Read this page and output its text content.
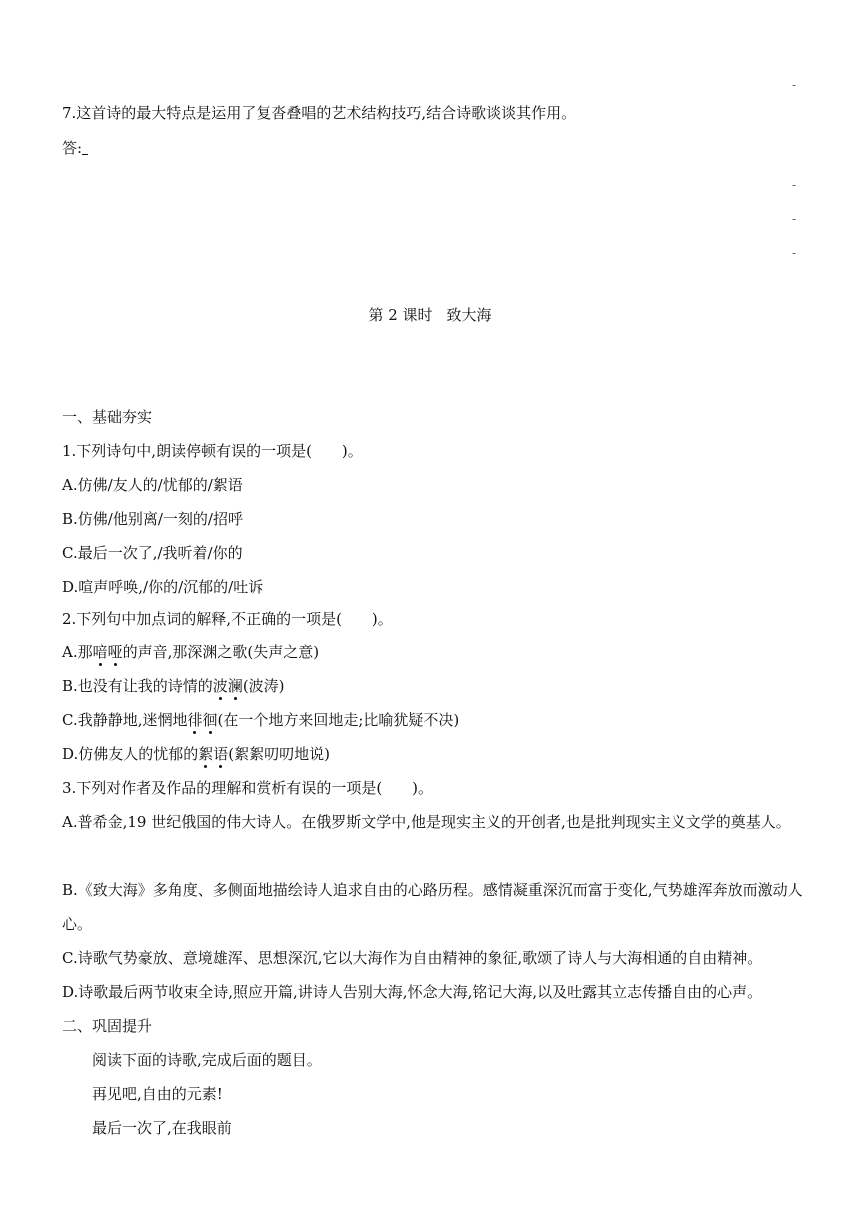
-
7.这首诗的最大特点是运用了复沓叠唱的艺术结构技巧,结合诗歌谈谈其作用。
答:
-
-
-
第 2 课时 致大海
一、基础夯实
1.下列诗句中,朗读停顿有误的一项是(　　)。
A.仿佛/友人的/忧郁的/絮语
B.仿佛/他别离/一刻的/招呼
C.最后一次了,/我听着/你的
D.喧声呼唤,/你的/沉郁的/吐诉
2.下列句中加点词的解释,不正确的一项是(　　)。
A.那喑哑的声音,那深渊之歌(失声之意)
B.也没有让我的诗情的波澜(波涛)
C.我静静地,迷惘地徘徊(在一个地方来回地走;比喻犹疑不决)
D.仿佛友人的忧郁的絮语(絮絮叨叨地说)
3.下列对作者及作品的理解和赏析有误的一项是(　　)。
A.普希金,19 世纪俄国的伟大诗人。在俄罗斯文学中,他是现实主义的开创者,也是批判现实主义文学的奠基人。
B.《致大海》多角度、多侧面地描绘诗人追求自由的心路历程。感情凝重深沉而富于变化,气势雄浑奔放而激动人心。
C.诗歌气势豪放、意境雄浑、思想深沉,它以大海作为自由精神的象征,歌颂了诗人与大海相通的自由精神。
D.诗歌最后两节收束全诗,照应开篇,讲诗人告别大海,怀念大海,铭记大海,以及吐露其立志传播自由的心声。
二、巩固提升
阅读下面的诗歌,完成后面的题目。
再见吧,自由的元素!
最后一次了,在我眼前
